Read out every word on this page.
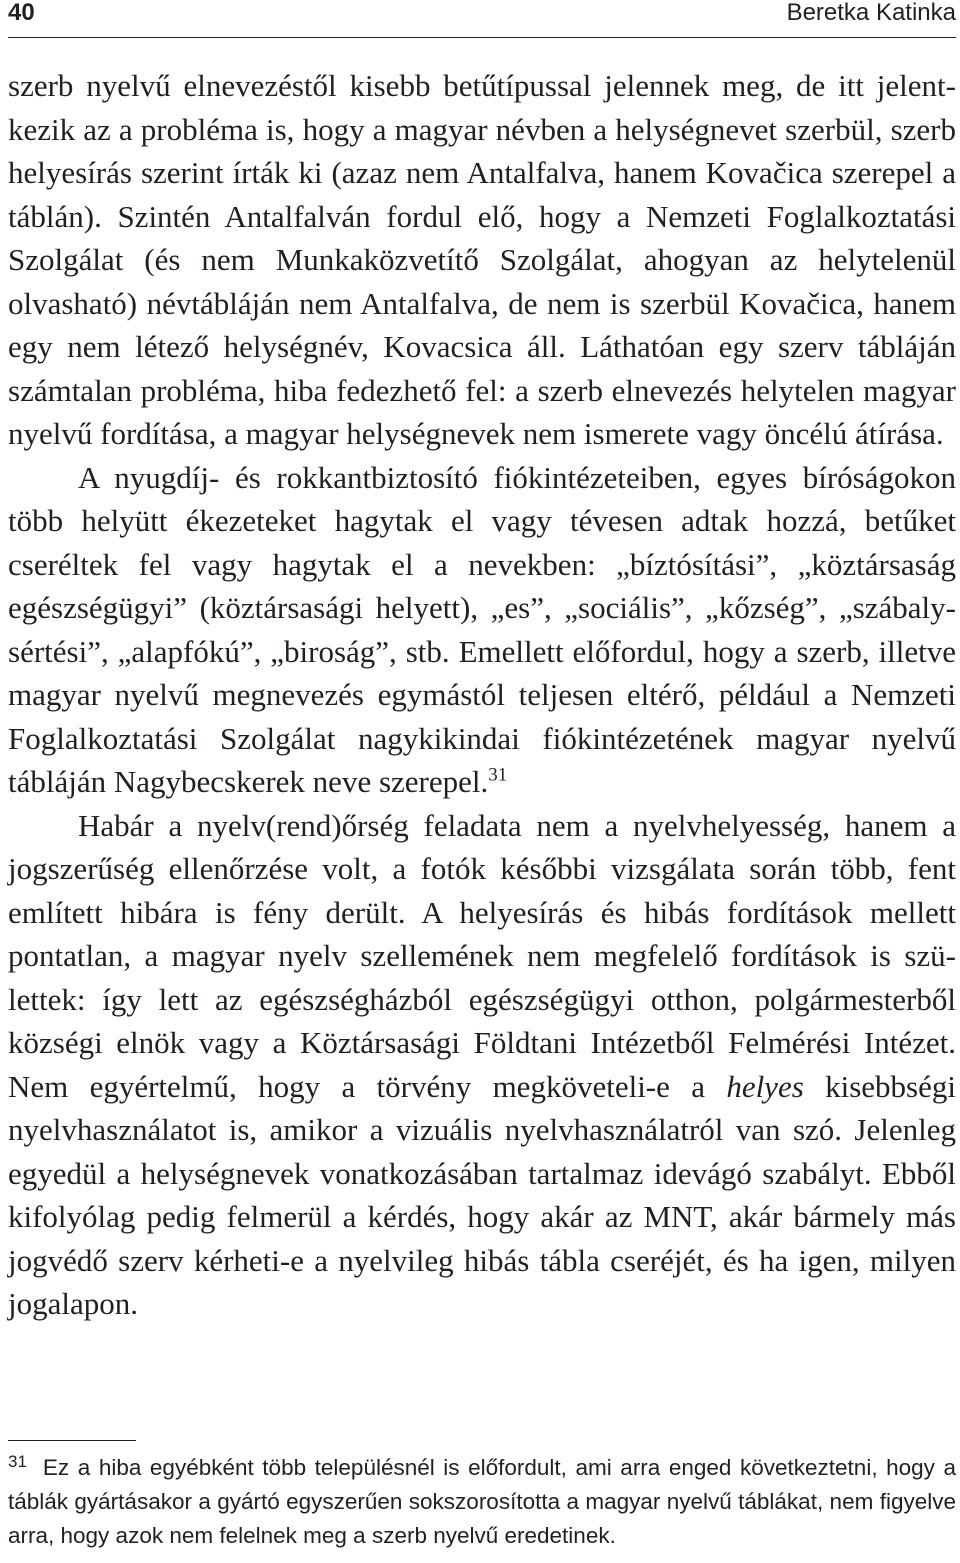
40	Beretka Katinka

szerb nyelvű elnevezéstől kisebb betűtípussal jelennek meg, de itt jelentkezik az a probléma is, hogy a magyar névben a helységnevet szerbül, szerb helyesírás szerint írták ki (azaz nem Antalfalva, hanem Kovačica szerepel a táblán). Szintén Antalfalván fordul elő, hogy a Nemzeti Foglalkoztatási Szolgálat (és nem Munkaközvetítő Szolgálat, ahogyan az helytelenül olvasható) névtábláján nem Antalfalva, de nem is szerbül Kovačica, hanem egy nem létező helységnév, Kovacsica áll. Láthatóan egy szerv tábláján számtalan probléma, hiba fedezhető fel: a szerb elnevezés helytelen magyar nyelvű fordítása, a magyar helységnevek nem ismerete vagy öncélú átírása.

A nyugdíj- és rokkantbiztosító fiókintézeteiben, egyes bíróságokon több helyütt ékezeteket hagytak el vagy tévesen adtak hozzá, betűket cseréltek fel vagy hagytak el a nevekben: „bíztósítási”, „köztársaság egészségügyi” (köztársasági helyett), „es”, „sociális”, „kőzség”, „szábalysértési”, „alapfókú”, „biroság”, stb. Emellett előfordul, hogy a szerb, illetve magyar nyelvű megnevezés egymástól teljesen eltérő, például a Nemzeti Foglalkoztatási Szolgálat nagykikindai fiókintézetének magyar nyelvű tábláján Nagybecskerek neve szerepel.$^{31}$

Habár a nyelv(rend)őrség feladata nem a nyelvhelyesség, hanem a jogszerűség ellenőrzése volt, a fotók későbbi vizsgálata során több, fent említett hibára is fény derült. A helyesírás és hibás fordítások mellett pontatlan, a magyar nyelv szellemének nem megfelelő fordítások is születtek: így lett az egészségházból egészségügyi otthon, polgármesterből községi elnök vagy a Köztársasági Földtani Intézetből Felmérési Intézet. Nem egyértelmű, hogy a törvény megköveteli-e a helyes kisebbségi nyelvhasználatot is, amikor a vizuális nyelvhasználatról van szó. Jelenleg egyedül a helységnevek vonatkozásában tartalmaz idevágó szabályt. Ebből kifolyólag pedig felmerül a kérdés, hogy akár az MNT, akár bármely más jogvédő szerv kérheti-e a nyelvileg hibás tábla cseréjét, és ha igen, milyen jogalapon.

$^{31}$ Ez a hiba egyébként több településnél is előfordult, ami arra enged következtetni, hogy a táblák gyártásakor a gyártó egyszerűen sokszorosította a magyar nyelvű táblákat, nem figyelve arra, hogy azok nem felelnek meg a szerb nyelvű eredetinek.
